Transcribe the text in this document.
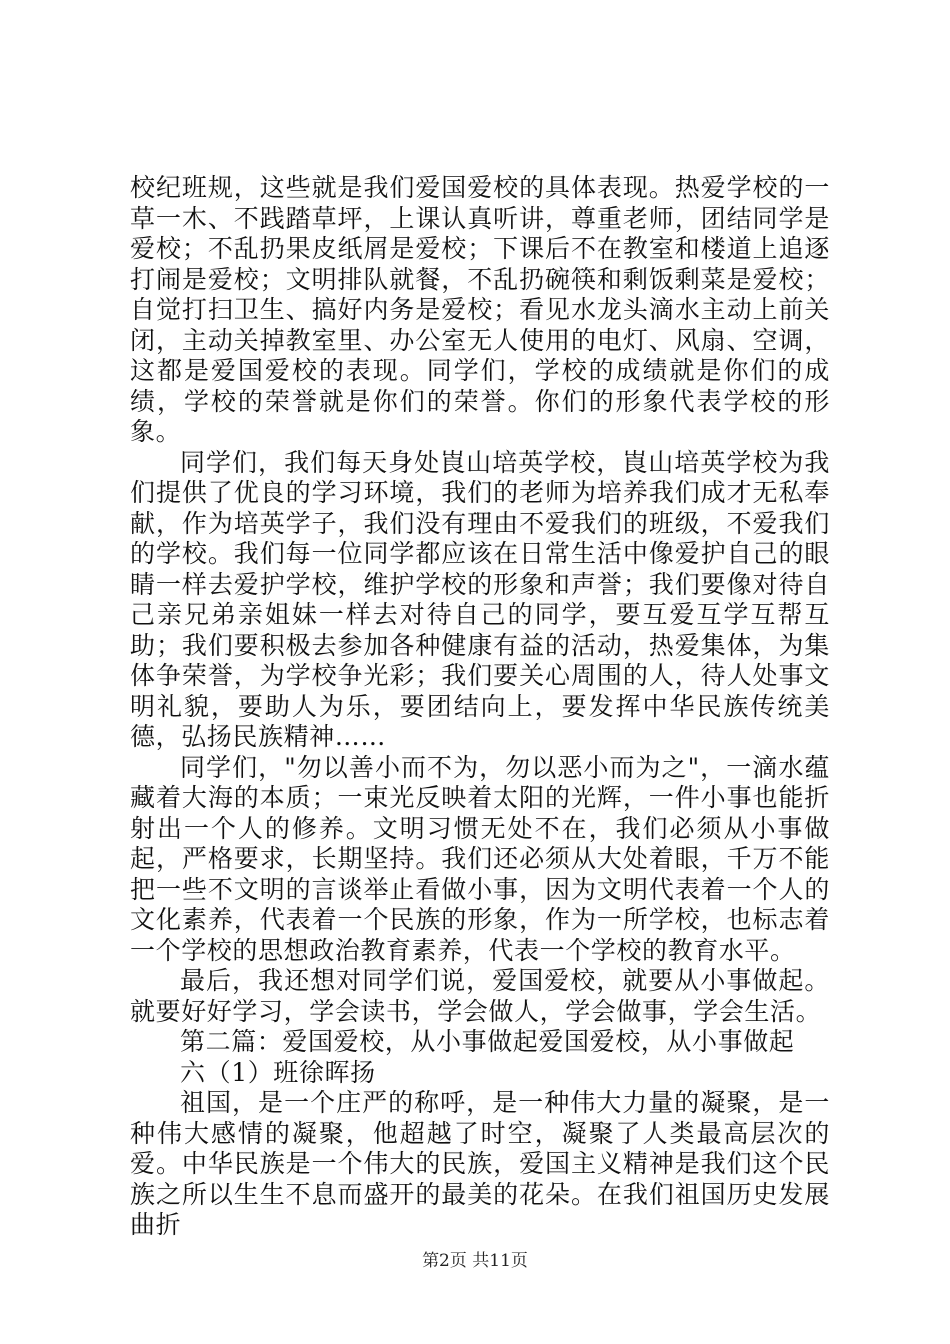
校纪班规，这些就是我们爱国爱校的具体表现。热爱学校的一草一木、不践踏草坪，上课认真听讲，尊重老师，团结同学是爱校；不乱扔果皮纸屑是爱校；下课后不在教室和楼道上追逐打闹是爱校；文明排队就餐，不乱扔碗筷和剩饭剩菜是爱校；自觉打扫卫生、搞好内务是爱校；看见水龙头滴水主动上前关闭，主动关掉教室里、办公室无人使用的电灯、风扇、空调，这都是爱国爱校的表现。同学们，学校的成绩就是你们的成绩，学校的荣誉就是你们的荣誉。你们的形象代表学校的形象。

同学们，我们每天身处崀山培英学校，崀山培英学校为我们提供了优良的学习环境，我们的老师为培养我们成才无私奉献，作为培英学子，我们没有理由不爱我们的班级，不爱我们的学校。我们每一位同学都应该在日常生活中像爱护自己的眼睛一样去爱护学校，维护学校的形象和声誉；我们要像对待自己亲兄弟亲姐妹一样去对待自己的同学，要互爱互学互帮互助；我们要积极去参加各种健康有益的活动，热爱集体，为集体争荣誉，为学校争光彩；我们要关心周围的人，待人处事文明礼貌，要助人为乐，要团结向上，要发挥中华民族传统美德，弘扬民族精神……

同学们，"勿以善小而不为，勿以恶小而为之"，一滴水蕴藏着大海的本质；一束光反映着太阳的光辉，一件小事也能折射出一个人的修养。文明习惯无处不在，我们必须从小事做起，严格要求，长期坚持。我们还必须从大处着眼，千万不能把一些不文明的言谈举止看做小事，因为文明代表着一个人的文化素养，代表着一个民族的形象，作为一所学校，也标志着一个学校的思想政治教育素养，代表一个学校的教育水平。

最后，我还想对同学们说，爱国爱校，就要从小事做起。就要好好学习，学会读书，学会做人，学会做事，学会生活。

第二篇：爱国爱校，从小事做起爱国爱校，从小事做起

六（1）班徐晖扬

祖国，是一个庄严的称呼，是一种伟大力量的凝聚，是一种伟大感情的凝聚，他超越了时空，凝聚了人类最高层次的爱。中华民族是一个伟大的民族，爱国主义精神是我们这个民族之所以生生不息而盛开的最美的花朵。在我们祖国历史发展曲折

第2页 共11页
